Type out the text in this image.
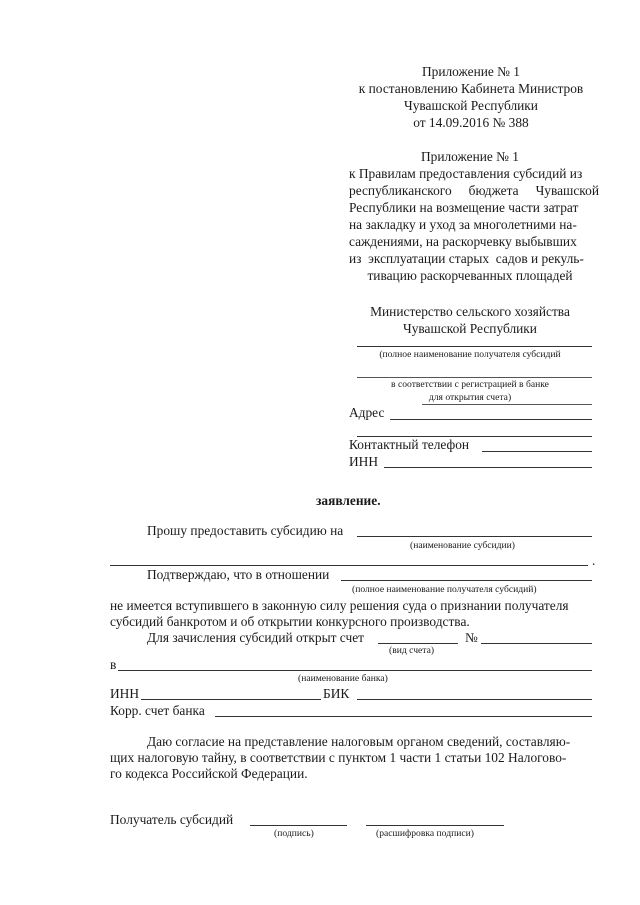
Приложение № 1
к постановлению Кабинета Министров
Чувашской Республики
от 14.09.2016 № 388
Приложение № 1
к Правилам предоставления субсидий из
республиканского  бюджета  Чувашской
Республики на возмещение части затрат
на закладку и уход за многолетними на-
саждениями, на раскорчевку выбывших
из  эксплуатации старых  садов и рекуль-
тивацию раскорчеванных площадей
Министерство сельского хозяйства
Чувашской Республики
(полное наименование получателя субсидий
в соответствии с регистрацией в банке
для открытия счета)
Адрес
Контактный телефон
ИНН
заявление.
Прошу предоставить субсидию на
(наименование субсидии)
.
Подтверждаю, что в отношении
(полное наименование получателя субсидий)
не имеется вступившего в законную силу решения суда о признании получателя
субсидий банкротом и об открытии конкурсного производства.
Для зачисления субсидий открыт счет	№
(вид счета)
в
(наименование банка)
ИНН	БИК
Корр. счет банка
Даю согласие на представление налоговым органом сведений, составляю-
щих налоговую тайну, в соответствии с пунктом 1 части 1 статьи 102 Налогово-
го кодекса Российской Федерации.
Получатель субсидий
(подпись)	(расшифровка подписи)
